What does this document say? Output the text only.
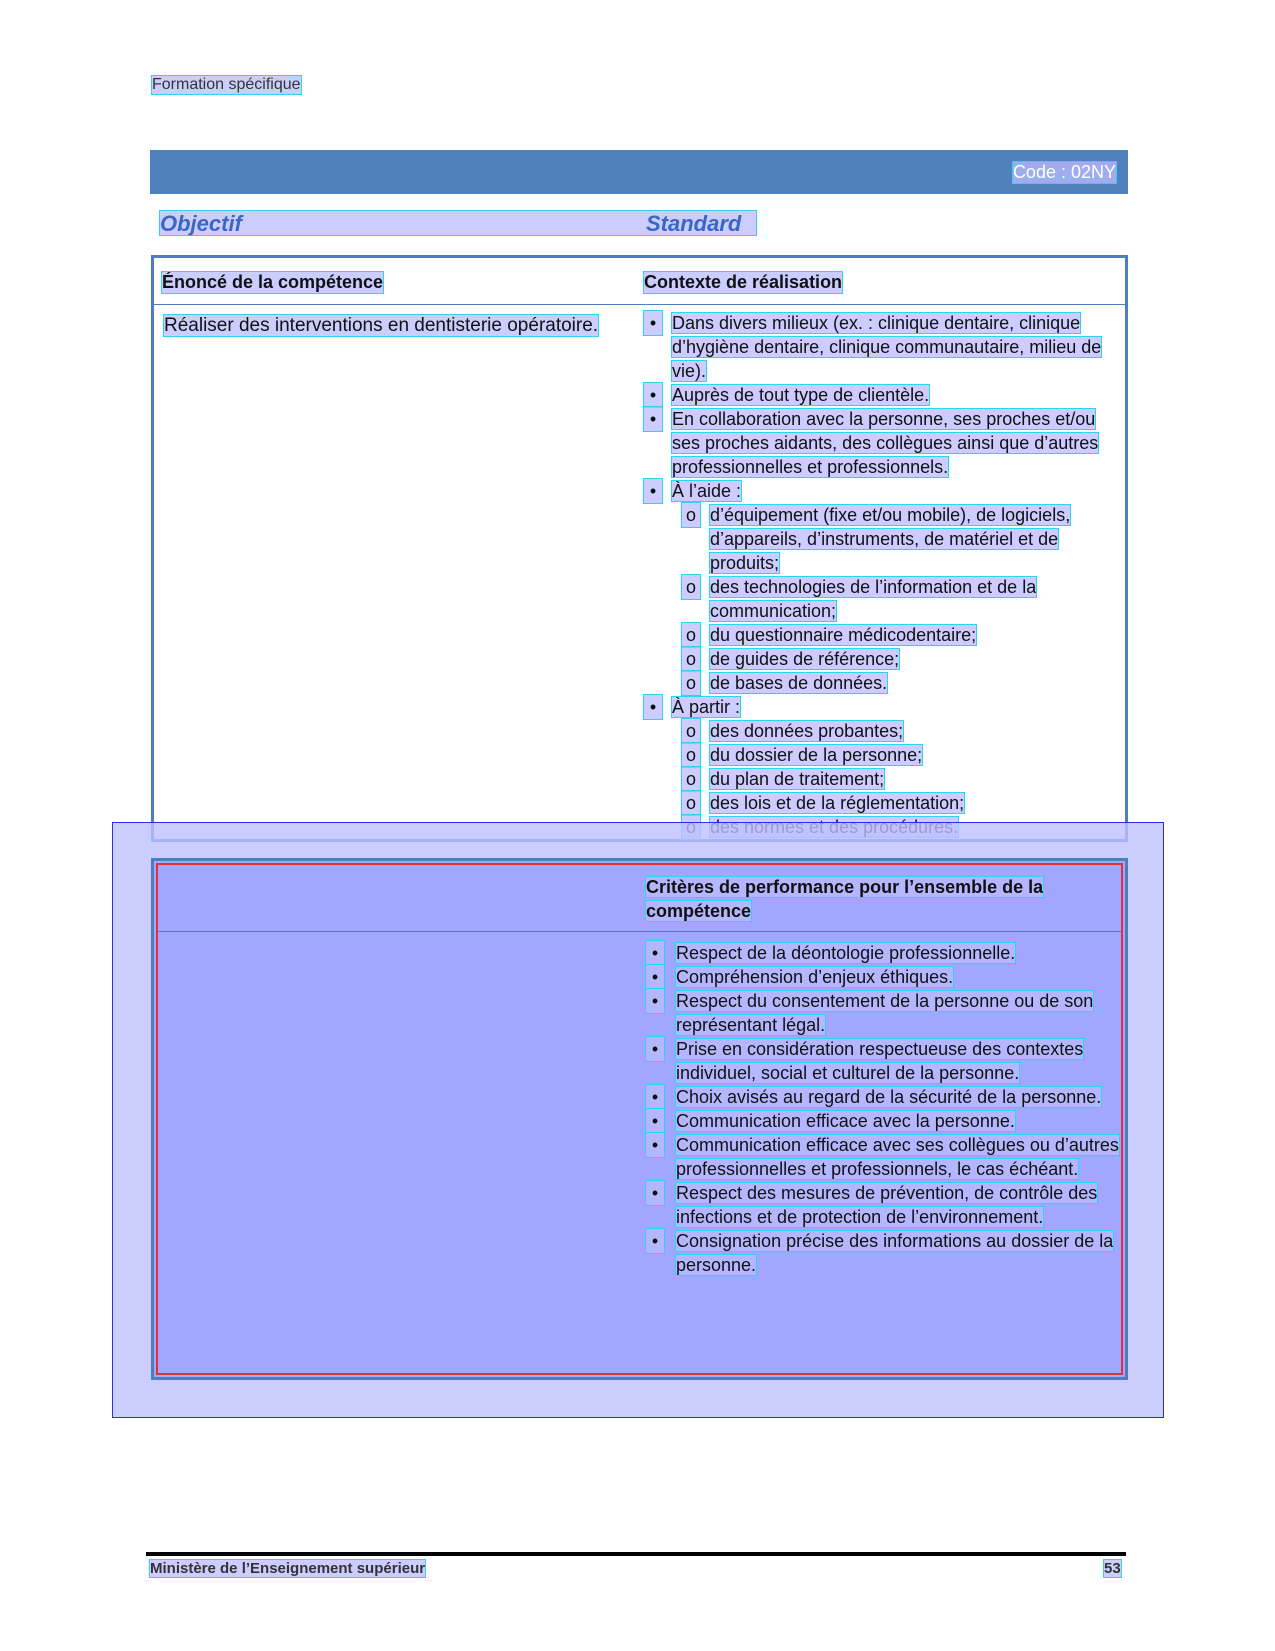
Formation spécifique
Code : 02NY
Objectif	Standard
Énoncé de la compétence	Contexte de réalisation
Réaliser des interventions en dentisterie opératoire.	• Dans divers milieux (ex. : clinique dentaire, clinique d’hygiène dentaire, clinique communautaire, milieu de vie).
• Auprès de tout type de clientèle.
• En collaboration avec la personne, ses proches et/ou ses proches aidants, des collègues ainsi que d’autres professionnelles et professionnels.
• À l’aide :
o d’équipement (fixe et/ou mobile), de logiciels, d’appareils, d’instruments, de matériel et de produits;
o des technologies de l’information et de la communication;
o du questionnaire médicodentaire;
o de guides de référence;
o de bases de données.
• À partir :
o des données probantes;
o du dossier de la personne;
o du plan de traitement;
o des lois et de la réglementation;
Critères de performance pour l’ensemble de la compétence
• Respect de la déontologie professionnelle.
• Compréhension d’enjeux éthiques.
• Respect du consentement de la personne ou de son représentant légal.
• Prise en considération respectueuse des contextes individuel, social et culturel de la personne.
• Choix avisés au regard de la sécurité de la personne.
• Communication efficace avec la personne.
• Communication efficace avec ses collègues ou d’autres professionnelles et professionnels, le cas échéant.
• Respect des mesures de prévention, de contrôle des infections et de protection de l’environnement.
• Consignation précise des informations au dossier de la personne.
Ministère de l’Enseignement supérieur	53
